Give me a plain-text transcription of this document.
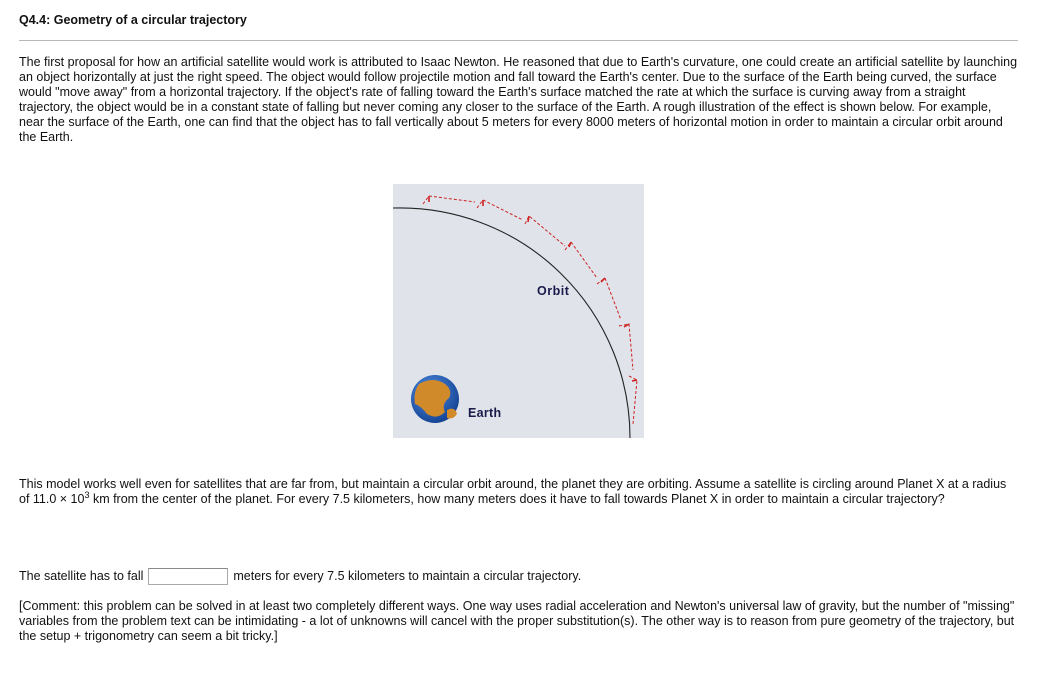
Q4.4: Geometry of a circular trajectory
The first proposal for how an artificial satellite would work is attributed to Isaac Newton. He reasoned that due to Earth's curvature, one could create an artificial satellite by launching an object horizontally at just the right speed. The object would follow projectile motion and fall toward the Earth's center. Due to the surface of the Earth being curved, the surface would "move away" from a horizontal trajectory. If the object's rate of falling toward the Earth's surface matched the rate at which the surface is curving away from a straight trajectory, the object would be in a constant state of falling but never coming any closer to the surface of the Earth. A rough illustration of the effect is shown below. For example, near the surface of the Earth, one can find that the object has to fall vertically about 5 meters for every 8000 meters of horizontal motion in order to maintain a circular orbit around the Earth.
Orbit
Earth
This model works well even for satellites that are far from, but maintain a circular orbit around, the planet they are orbiting. Assume a satellite is circling around Planet X at a radius of $11.0 \times 10^3$ km from the center of the planet. For every 7.5 kilometers, how many meters does it have to fall towards Planet X in order to maintain a circular trajectory?
The satellite has to fall	meters for every 7.5 kilometers to maintain a circular trajectory.
[Comment: this problem can be solved in at least two completely different ways. One way uses radial acceleration and Newton's universal law of gravity, but the number of "missing" variables from the problem text can be intimidating - a lot of unknowns will cancel with the proper substitution(s). The other way is to reason from pure geometry of the trajectory, but the setup + trigonometry can seem a bit tricky.]
